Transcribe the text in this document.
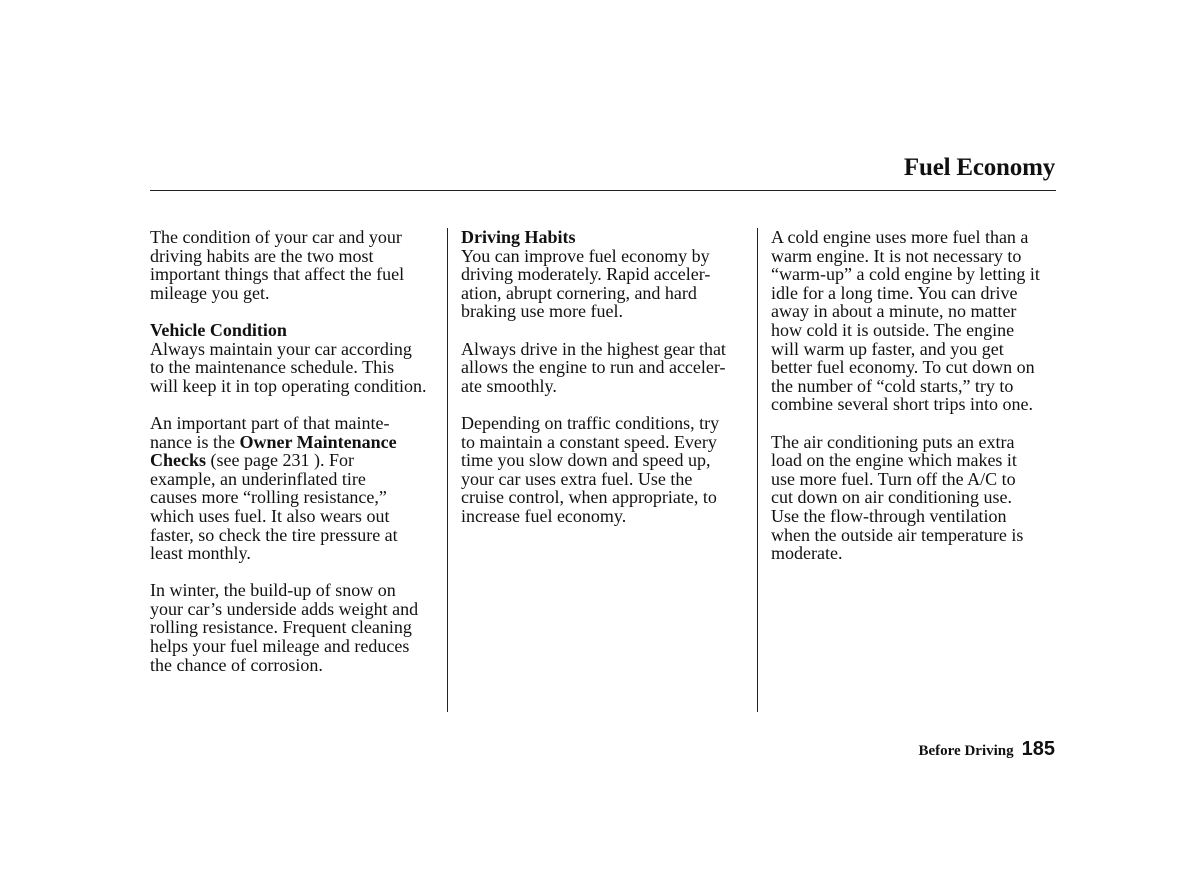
Fuel Economy
The condition of your car and your
driving habits are the two most
important things that affect the fuel
mileage you get.
Vehicle Condition
Always maintain your car according
to the maintenance schedule. This
will keep it in top operating condition.
An important part of that mainte-
nance is the Owner Maintenance
Checks (see page 231 ). For
example, an underinflated tire
causes more “rolling resistance,”
which uses fuel. It also wears out
faster, so check the tire pressure at
least monthly.
In winter, the build-up of snow on
your car’s underside adds weight and
rolling resistance. Frequent cleaning
helps your fuel mileage and reduces
the chance of corrosion.
Driving Habits
You can improve fuel economy by
driving moderately. Rapid acceler-
ation, abrupt cornering, and hard
braking use more fuel.
Always drive in the highest gear that
allows the engine to run and acceler-
ate smoothly.
Depending on traffic conditions, try
to maintain a constant speed. Every
time you slow down and speed up,
your car uses extra fuel. Use the
cruise control, when appropriate, to
increase fuel economy.
A cold engine uses more fuel than a
warm engine. It is not necessary to
“warm-up” a cold engine by letting it
idle for a long time. You can drive
away in about a minute, no matter
how cold it is outside. The engine
will warm up faster, and you get
better fuel economy. To cut down on
the number of “cold starts,” try to
combine several short trips into one.
The air conditioning puts an extra
load on the engine which makes it
use more fuel. Turn off the A/C to
cut down on air conditioning use.
Use the flow-through ventilation
when the outside air temperature is
moderate.
Before Driving 185
